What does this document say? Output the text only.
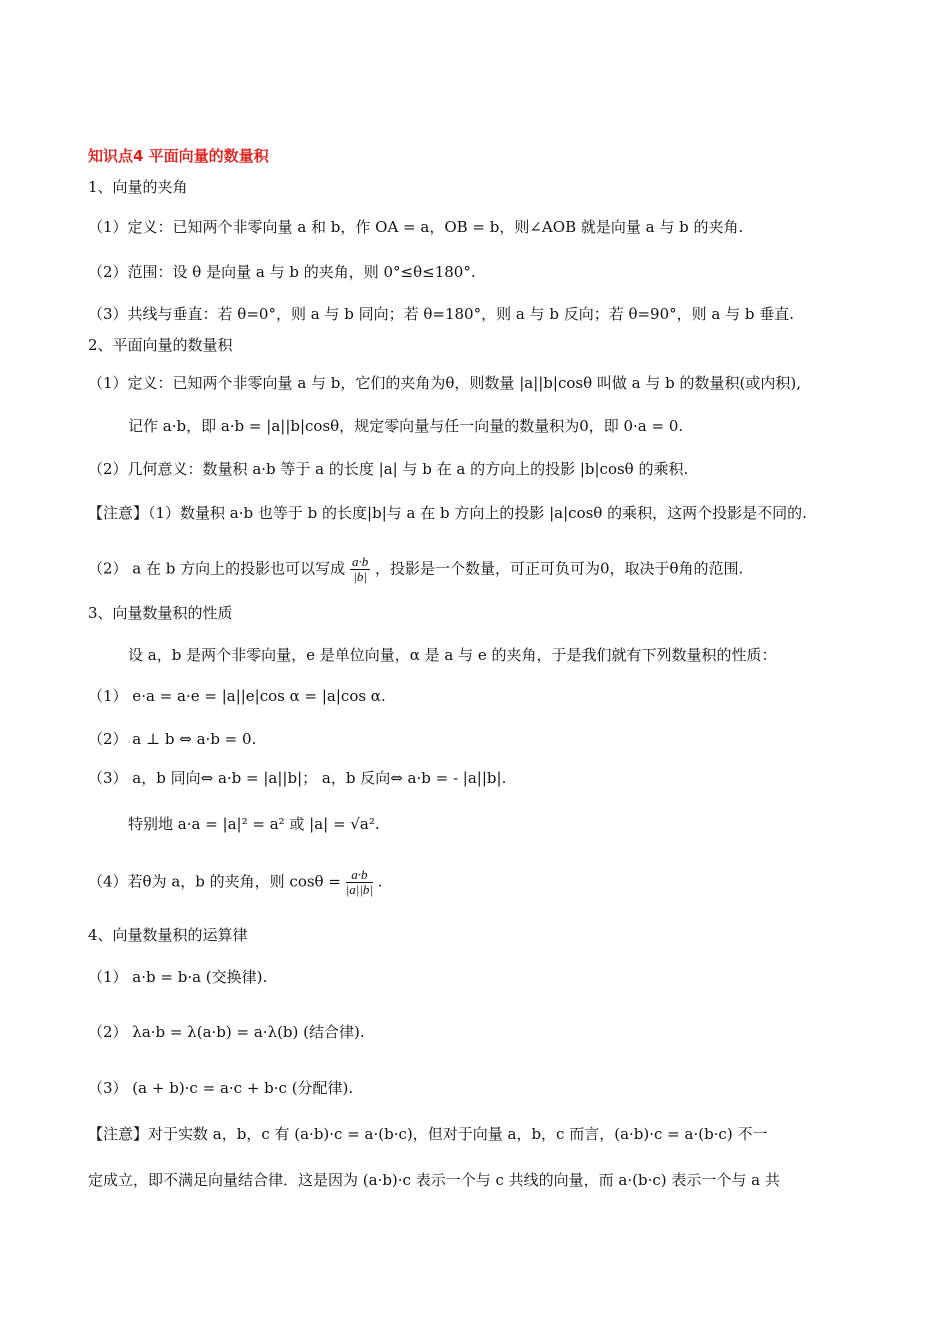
知识点4 平面向量的数量积
1、向量的夹角
（1）定义：已知两个非零向量 a 和 b，作 OA = a，OB = b，则∠AOB 就是向量 a 与 b 的夹角.
（2）范围：设 θ 是向量 a 与 b 的夹角，则 0°≤θ≤180°.
（3）共线与垂直：若 θ=0°，则 a 与 b 同向；若 θ=180°，则 a 与 b 反向；若 θ=90°，则 a 与 b 垂直.
2、平面向量的数量积
（1）定义：已知两个非零向量 a 与 b，它们的夹角为θ，则数量 |a||b|cosθ 叫做 a 与 b 的数量积(或内积),
记作 a·b，即 a·b = |a||b|cosθ，规定零向量与任一向量的数量积为0，即 0·a = 0.
（2）几何意义：数量积 a·b 等于 a 的长度 |a| 与 b 在 a 的方向上的投影 |b|cosθ 的乘积.
【注意】（1）数量积 a·b 也等于 b 的长度|b|与 a 在 b 方向上的投影 |a|cosθ 的乘积，这两个投影是不同的.
（2） a 在 b 方向上的投影也可以写成 $\frac{a\cdot b}{|b|}$ ，投影是一个数量，可正可负可为0，取决于θ角的范围.
3、向量数量积的性质
设 a，b 是两个非零向量，e 是单位向量，α 是 a 与 e 的夹角，于是我们就有下列数量积的性质：
（1） e·a = a·e = |a||e|cos α = |a|cos α.
（2） a ⊥ b ⇔ a·b = 0.
（3） a，b 同向⇔ a·b = |a||b|； a，b 反向⇔ a·b = - |a||b|.
特别地 a·a = |a|² = a² 或 |a| = √a².
（4）若θ为 a，b 的夹角，则 $\cos\theta = \frac{a\cdot b}{|a||b|}$ .
4、向量数量积的运算律
（1） a·b = b·a (交换律).
（2） λa·b = λ(a·b) = a·λ(b) (结合律).
（3） (a + b)·c = a·c + b·c (分配律).
【注意】对于实数 a，b，c 有 (a·b)·c = a·(b·c)，但对于向量 a，b，c 而言，(a·b)·c = a·(b·c) 不一
定成立，即不满足向量结合律．这是因为 (a·b)·c 表示一个与 c 共线的向量，而 a·(b·c) 表示一个与 a 共
